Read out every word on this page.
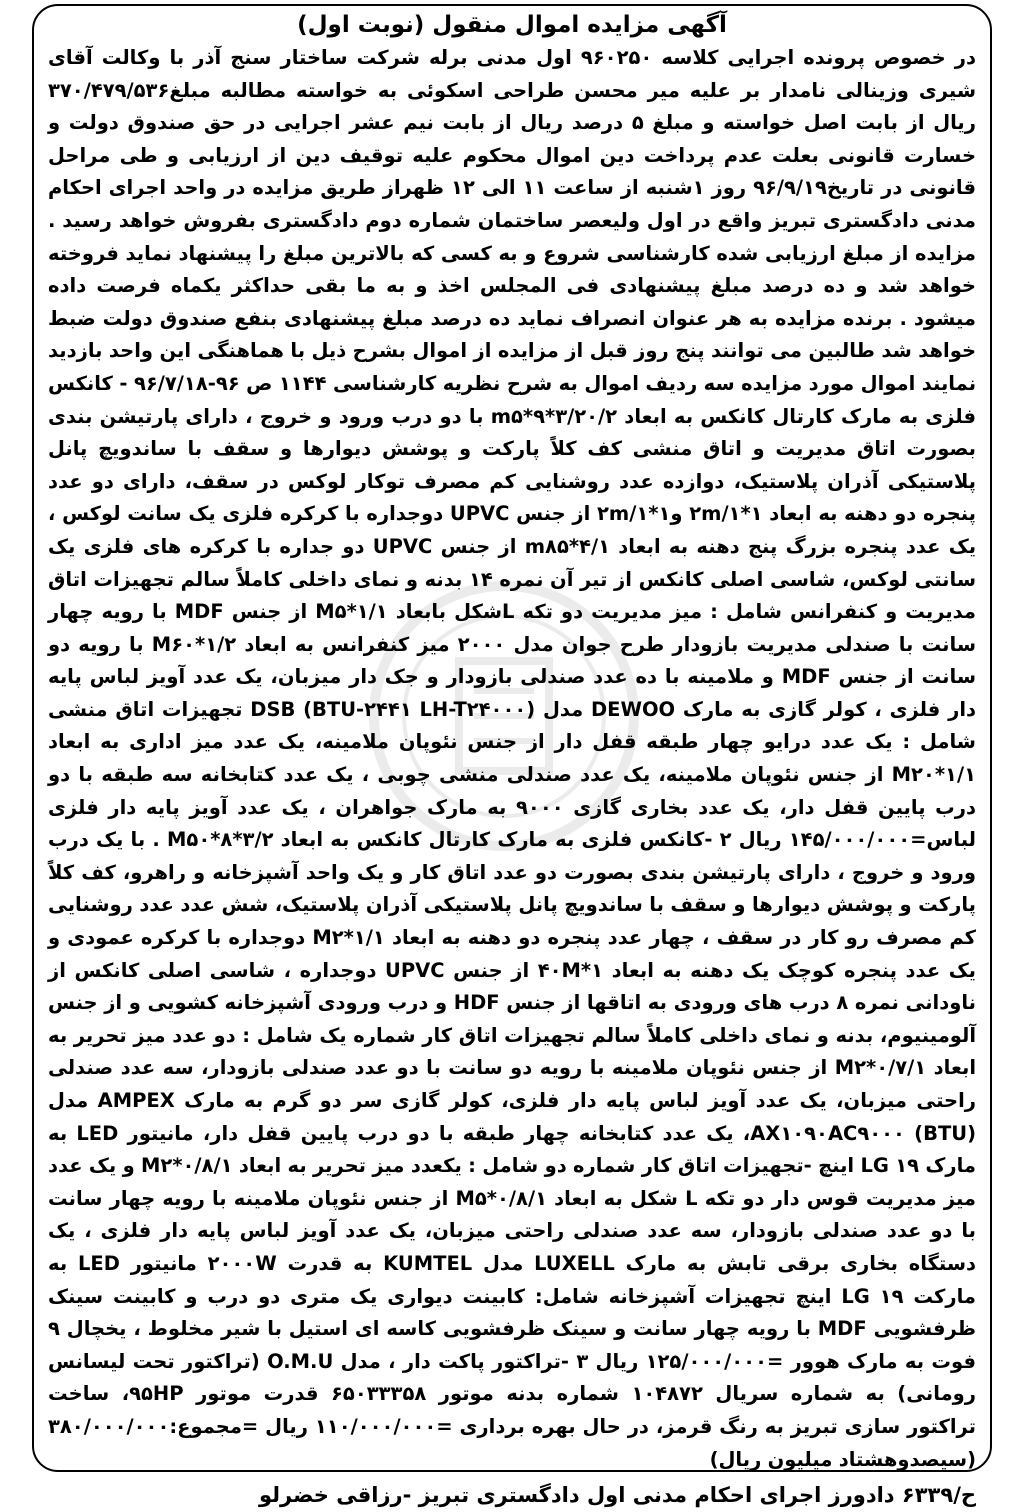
آگهی مزایده اموال منقول (نوبت اول)

در خصوص پرونده اجرایی کلاسه ۹۶۰۲۵۰ اول مدنی برله شرکت ساختار سنج آذر با وکالت آقای شیری وزینالی نامدار بر علیه میر محسن طراحی اسکوئی به خواسته مطالبه مبلغ۳۷۰/۴۷۹/۵۳۶ ریال از بابت اصل خواسته و مبلغ ۵ درصد ریال از بابت نیم عشر اجرایی در حق صندوق دولت و خسارت قانونی بعلت عدم پرداخت دین اموال محکوم علیه توقیف دین از ارزیابی و طی مراحل قانونی در تاریخ۹۶/۹/۱۹ روز ۱شنبه از ساعت ۱۱ الی ۱۲ ظهراز طریق مزایده در واحد اجرای احکام مدنی دادگستری تبریز واقع در اول ولیعصر ساختمان شماره دوم دادگستری بفروش خواهد رسید . مزایده از مبلغ ارزیابی شده کارشناسی شروع و به کسی که بالاترین مبلغ را پیشنهاد نماید فروخته خواهد شد و ده درصد مبلغ پیشنهادی فی المجلس اخذ و به ما بقی حداکثر یکماه فرصت داده میشود . برنده مزایده به هر عنوان انصراف نماید ده درصد مبلغ پیشنهادی بنفع صندوق دولت ضبط خواهد شد طالبین می توانند پنج روز قبل از مزایده از اموال بشرح ذیل با هماهنگی این واحد بازدید نمایند اموال مورد مزایده سه ردیف اموال به شرح نظریه کارشناسی ۱۱۴۴ ص ۹۶-۹۶/۷/۱۸ - کانکس فلزی به مارک کارتال کانکس به ابعاد ۲/m۵*۹*۳/۲۰ با دو درب ورود و خروج ، دارای پارتیشن بندی بصورت اتاق مدیریت و اتاق منشی کف کلاً پارکت و پوشش دیوارها و سقف با ساندویچ پانل پلاستیکی آذران پلاستیک، دوازده عدد روشنایی کم مصرف توکار لوکس در سقف، دارای دو عدد پنجره دو دهنه به ابعاد ۲m/۱*۱ و۲m/۱*۱ از جنس UPVC دوجداره با کرکره فلزی یک سانت لوکس ، یک عدد پنجره بزرگ پنج دهنه به ابعاد ۱/m۸۵*۴ از جنس UPVC دو جداره با کرکره های فلزی یک سانتی لوکس، شاسی اصلی کانکس از تیر آن نمره ۱۴ بدنه و نمای داخلی کاملاً سالم تجهیزات اتاق مدیریت و کنفرانس شامل : میز مدیریت دو تکه Lشکل بابعاد ۱/M۵*۱ از جنس MDF با رویه چهار سانت با صندلی مدیریت بازودار طرح جوان مدل ۲۰۰۰ میز کنفرانس به ابعاد ۲/M۶۰*۱ با رویه دو سانت از جنس MDF و ملامینه با ده عدد صندلی بازودار و جک دار میزبان، یک عدد آویز لباس پایه دار فلزی ، کولر گازی به مارک DEWOO مدل DSB (BTU-۲۴۴۱ LH-T۲۴۰۰۰) تجهیزات اتاق منشی شامل : یک عدد درایو چهار طبقه قفل دار از جنس نئوپان ملامینه، یک عدد میز اداری به ابعاد ۱/M۲۰*۱ از جنس نئوپان ملامینه، یک عدد صندلی منشی چوبی ، یک عدد کتابخانه سه طبقه با دو درب پایین قفل دار، یک عدد بخاری گازی ۹۰۰۰ به مارک جواهران ، یک عدد آویز پایه دار فلزی لباس=۱۴۵/۰۰۰/۰۰۰ ریال ۲ -کانکس فلزی به مارک کارتال کانکس به ابعاد ۲/M۵۰*۸*۳ . با یک درب ورود و خروج ، دارای پارتیشن بندی بصورت دو عدد اتاق کار و یک واحد آشپزخانه و راهرو، کف کلاً پارکت و پوشش دیوارها و سقف با ساندویچ پانل پلاستیکی آذران پلاستیک، شش عدد عدد روشنایی کم مصرف رو کار در سقف ، چهار عدد پنجره دو دهنه به ابعاد ۱/M۲*۱ دوجداره با کرکره عمودی و یک عدد پنجره کوچک یک دهنه به ابعاد ۴۰M*۱ از جنس UPVC دوجداره ، شاسی اصلی کانکس از ناودانی نمره ۸ درب های ورودی به اتاقها از جنس HDF و درب ورودی آشپزخانه کشویی و از جنس آلومینیوم، بدنه و نمای داخلی کاملاً سالم تجهیزات اتاق کار شماره یک شامل : دو عدد میز تحریر به ابعاد ۱/M۲*۰/۷ از جنس نئوپان ملامینه با رویه دو سانت با دو عدد صندلی بازودار، سه عدد صندلی راحتی میزبان، یک عدد آویز لباس پایه دار فلزی، کولر گازی سر دو گرم به مارک AMPEX مدل AX۱۰۹۰AC۹۰۰۰ (BTU)، یک عدد کتابخانه چهار طبقه با دو درب پایین قفل دار، مانیتور LED به مارک LG ۱۹ اینچ -تجهیزات اتاق کار شماره دو شامل : یکعدد میز تحریر به ابعاد ۱/M۲*۰/۸ و یک عدد میز مدیریت قوس دار دو تکه L شکل به ابعاد ۱/M۵*۰/۸ از جنس نئوپان ملامینه با رویه چهار سانت با دو عدد صندلی بازودار، سه عدد صندلی راحتی میزبان، یک عدد آویز لباس پایه دار فلزی ، یک دستگاه بخاری برقی تابش به مارک LUXELL مدل KUMTEL به قدرت ۲۰۰۰W مانیتور LED به مارکت LG ۱۹ اینچ تجهیزات آشپزخانه شامل: کابینت دیواری یک متری دو درب و کابینت سینک ظرفشویی MDF با رویه چهار سانت و سینک ظرفشویی کاسه ای استیل با شیر مخلوط ، یخچال ۹ فوت به مارک هوور =۱۲۵/۰۰۰/۰۰۰ ریال ۳ -تراکتور پاکت دار ، مدل O.M.U (تراکتور تحت لیسانس رومانی) به شماره سریال ۱۰۴۸۷۲ شماره بدنه موتور ۶۵۰۳۳۳۵۸ قدرت موتور ۹۵HP، ساخت تراکتور سازی تبریز به رنگ قرمز، در حال بهره برداری =۱۱۰/۰۰۰/۰۰۰ ریال =مجموع:۳۸۰/۰۰۰/۰۰۰ (سیصدوهشتاد میلیون ریال)

ح/۶۳۳۹ دادورز اجرای احکام مدنی اول دادگستری تبریز -رزاقی خضرلو
